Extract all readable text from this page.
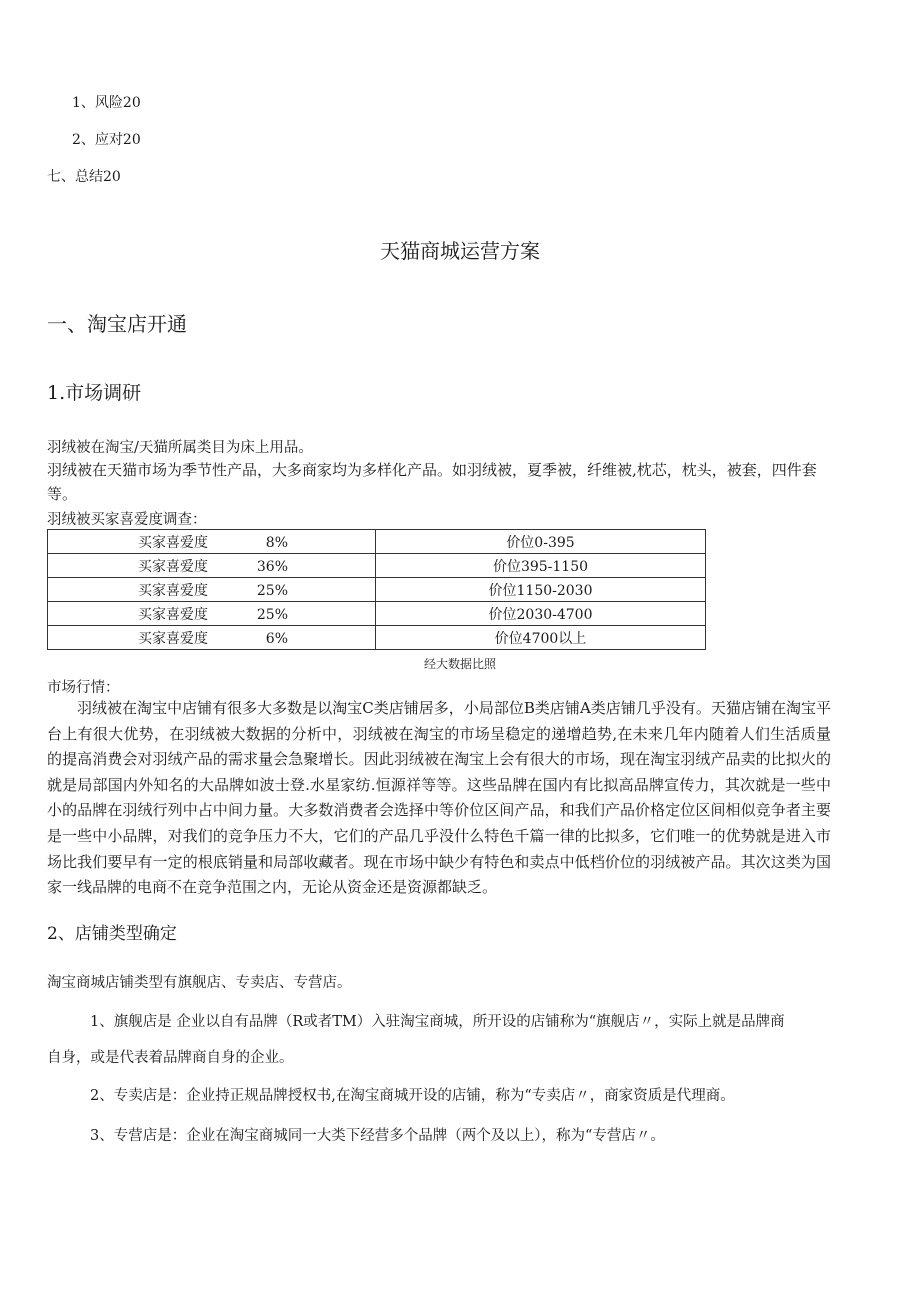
1、风险20
2、应对20
七、总结20
天猫商城运营方案
一、淘宝店开通
1.市场调研
羽绒被在淘宝/天猫所属类目为床上用品。
羽绒被在天猫市场为季节性产品，大多商家均为多样化产品。如羽绒被，夏季被，纤维被,枕芯，枕头，被套，四件套等。
羽绒被买家喜爱度调查：
买家喜爱度 8%	价位0-395
买家喜爱度 36%	价位395-1150
买家喜爱度 25%	价位1150-2030
买家喜爱度 25%	价位2030-4700
买家喜爱度 6%	价位4700以上
经大数据比照
市场行情：
羽绒被在淘宝中店铺有很多大多数是以淘宝C类店铺居多，小局部位B类店铺A类店铺几乎没有。天猫店铺在淘宝平台上有很大优势，在羽绒被大数据的分析中，羽绒被在淘宝的市场呈稳定的递增趋势,在未来几年内随着人们生活质量的提高消费会对羽绒产品的需求量会急聚增长。因此羽绒被在淘宝上会有很大的市场，现在淘宝羽绒产品卖的比拟火的就是局部国内外知名的大品牌如波士登.水星家纺.恒源祥等等。这些品牌在国内有比拟高品牌宣传力，其次就是一些中小的品牌在羽绒行列中占中间力量。大多数消费者会选择中等价位区间产品，和我们产品价格定位区间相似竞争者主要是一些中小品牌，对我们的竞争压力不大，它们的产品几乎没什么特色千篇一律的比拟多，它们唯一的优势就是进入市场比我们要早有一定的根底销量和局部收藏者。现在市场中缺少有特色和卖点中低档价位的羽绒被产品。其次这类为国家一线品牌的电商不在竞争范围之内，无论从资金还是资源都缺乏。
2、店铺类型确定
淘宝商城店铺类型有旗舰店、专卖店、专营店。
1、旗舰店是 企业以自有品牌（R或者TM）入驻淘宝商城，所开设的店铺称为“旗舰店〃，实际上就是品牌商
自身，或是代表着品牌商自身的企业。
2、专卖店是：企业持正规品牌授权书,在淘宝商城开设的店铺，称为“专卖店〃，商家资质是代理商。
3、专营店是：企业在淘宝商城同一大类下经营多个品牌（两个及以上），称为“专营店〃。
